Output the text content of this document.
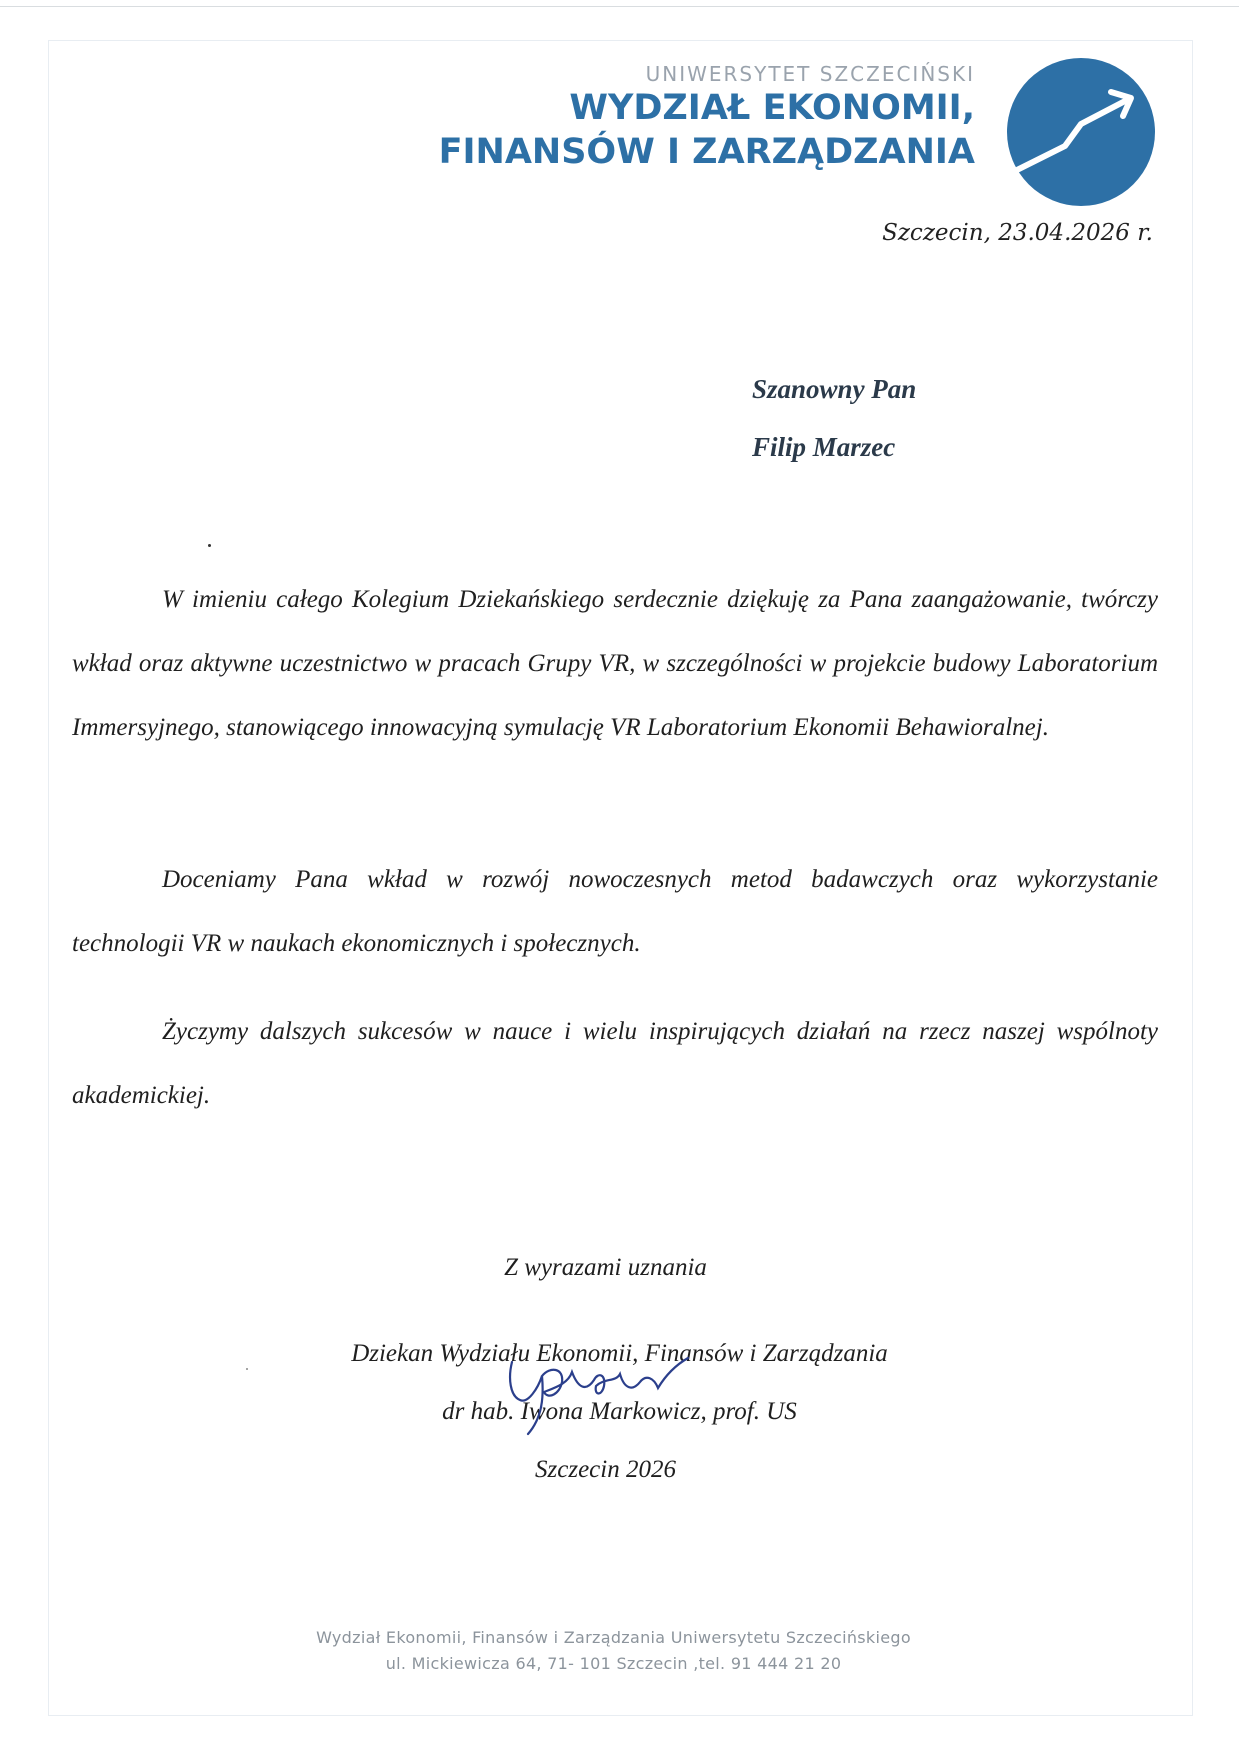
UNIWERSYTET SZCZECIŃSKI
WYDZIAŁ EKONOMII,
FINANSÓW I ZARZĄDZANIA
Szczecin, 23.04.2026 r.
Szanowny Pan
Filip Marzec
W imieniu całego Kolegium Dziekańskiego serdecznie dziękuję za Pana zaangażowanie, twórczy wkład oraz aktywne uczestnictwo w pracach Grupy VR, w szczególności w projekcie budowy Laboratorium Immersyjnego, stanowiącego innowacyjną symulację VR Laboratorium Ekonomii Behawioralnej.
Doceniamy Pana wkład w rozwój nowoczesnych metod badawczych oraz wykorzystanie technologii VR w naukach ekonomicznych i społecznych.
Życzymy dalszych sukcesów w nauce i wielu inspirujących działań na rzecz naszej wspólnoty akademickiej.
Z wyrazami uznania
Dziekan Wydziału Ekonomii, Finansów i Zarządzania
dr hab. Iwona Markowicz, prof. US
Szczecin 2026
Wydział Ekonomii, Finansów i Zarządzania Uniwersytetu Szczecińskiego
ul. Mickiewicza 64, 71- 101 Szczecin ,tel. 91 444 21 20
